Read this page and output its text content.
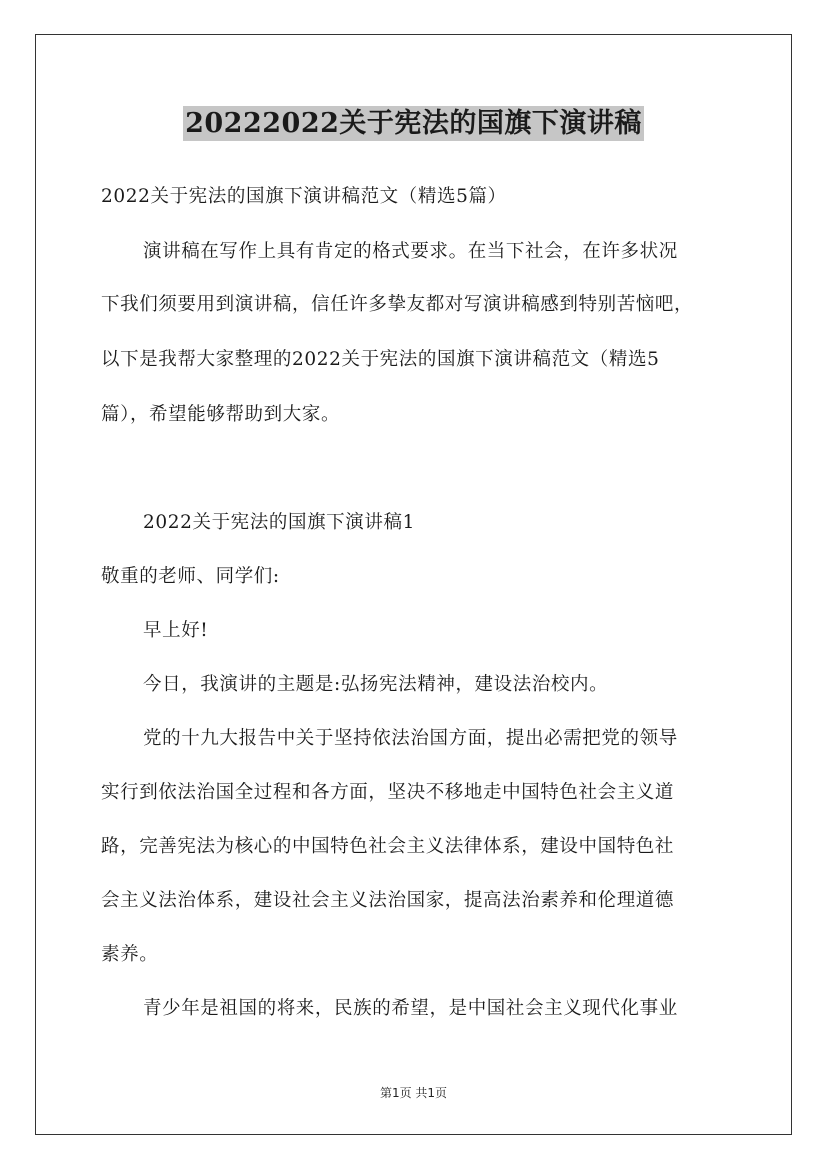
20222022关于宪法的国旗下演讲稿
2022关于宪法的国旗下演讲稿范文（精选5篇）
演讲稿在写作上具有肯定的格式要求。在当下社会，在许多状况
下我们须要用到演讲稿，信任许多挚友都对写演讲稿感到特别苦恼吧，
以下是我帮大家整理的2022关于宪法的国旗下演讲稿范文（精选5
篇），希望能够帮助到大家。
2022关于宪法的国旗下演讲稿1
敬重的老师、同学们:
早上好!
今日，我演讲的主题是:弘扬宪法精神，建设法治校内。
党的十九大报告中关于坚持依法治国方面，提出必需把党的领导
实行到依法治国全过程和各方面，坚决不移地走中国特色社会主义道
路，完善宪法为核心的中国特色社会主义法律体系，建设中国特色社
会主义法治体系，建设社会主义法治国家，提高法治素养和伦理道德
素养。
青少年是祖国的将来，民族的希望，是中国社会主义现代化事业
第1页 共1页
